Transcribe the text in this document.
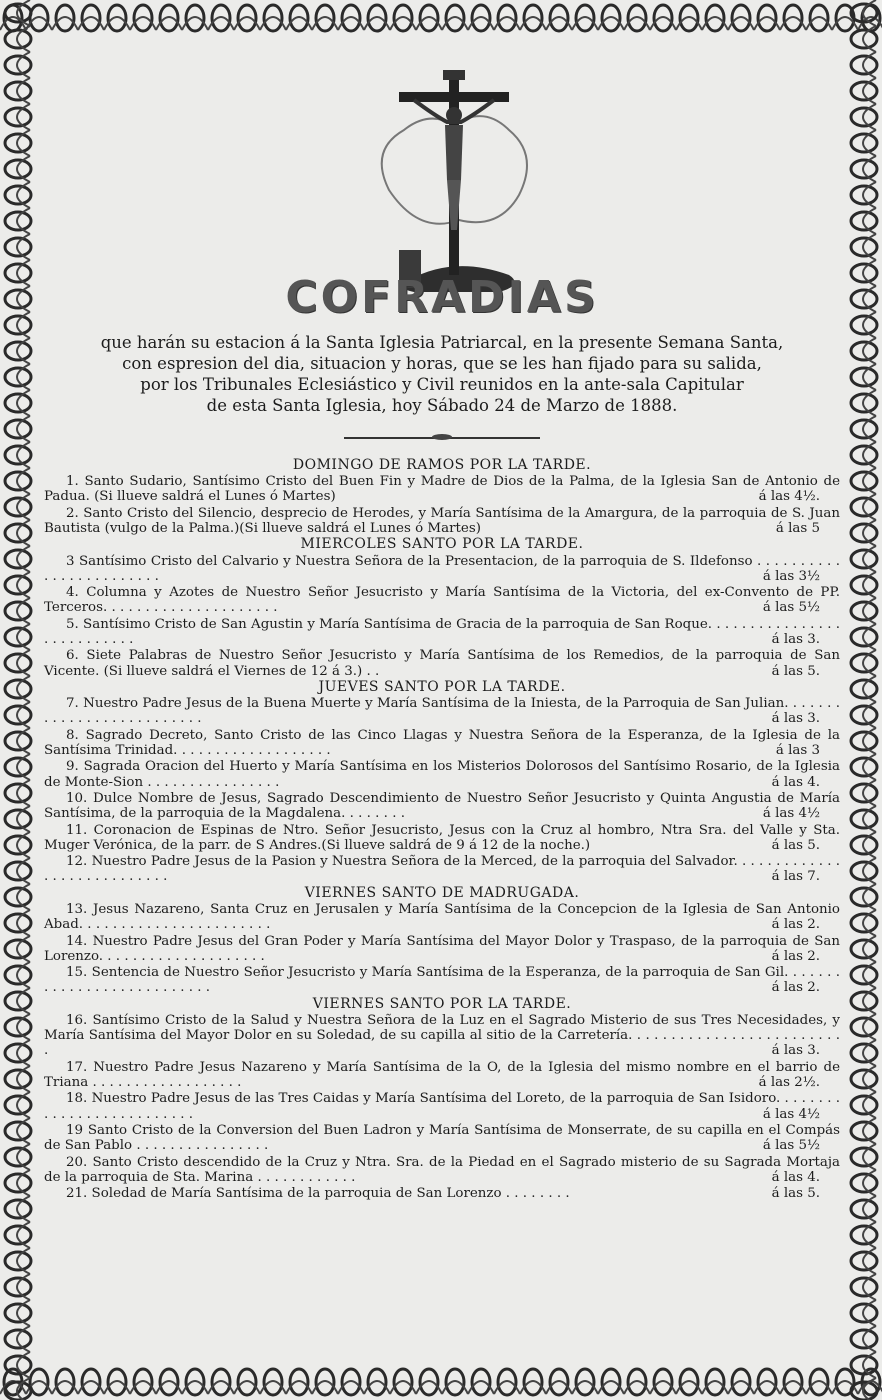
COFRADIAS
que harán su estacion á la Santa Iglesia Patriarcal, en la presente Semana Santa,
con espresion del dia, situacion y horas, que se les han fijado para su salida,
por los Tribunales Eclesiástico y Civil reunidos en la ante-sala Capitular
de esta Santa Iglesia, hoy Sábado 24 de Marzo de 1888.
DOMINGO DE RAMOS POR LA TARDE.
1. Santo Sudario, Santísimo Cristo del Buen Fin y Madre de Dios de la Palma, de la Iglesia San de Antonio de Padua. (Si llueve saldrá el Lunes ó Martes)	á las 4½.
2. Santo Cristo del Silencio, desprecio de Herodes, y María Santísima de la Amargura, de la parroquia de S. Juan Bautista (vulgo de la Palma.)(Si llueve saldrá el Lunes ó Martes)	á las 5
MIERCOLES SANTO POR LA TARDE.
3 Santísimo Cristo del Calvario y Nuestra Señora de la Presentacion, de la parroquia de S. Ildefonso . . . . . . . . . . . . . . . . . . . . . . . .	á las 3½
4. Columna y Azotes de Nuestro Señor Jesucristo y María Santísima de la Victoria, del ex-Convento de PP. Terceros. . . . . . . . . . . . . . . . . . . . .	á las 5½
5. Santísimo Cristo de San Agustin y María Santísima de Gracia de la parroquia de San Roque. . . . . . . . . . . . . . . . . . . . . . . . . . .	á las 3.
6. Siete Palabras de Nuestro Señor Jesucristo y María Santísima de los Remedios, de la parroquia de San Vicente. (Si llueve saldrá el Viernes de 12 á 3.) . .	á las 5.
JUEVES SANTO POR LA TARDE.
7. Nuestro Padre Jesus de la Buena Muerte y María Santísima de la Iniesta, de la Parroquia de San Julian. . . . . . . . . . . . . . . . . . . . . . . . . .	á las 3.
8. Sagrado Decreto, Santo Cristo de las Cinco Llagas y Nuestra Señora de la Esperanza, de la Iglesia de la Santísima Trinidad. . . . . . . . . . . . . . . . . . .	á las 3
9. Sagrada Oracion del Huerto y María Santísima en los Misterios Dolorosos del Santísimo Rosario, de la Iglesia de Monte-Sion . . . . . . . . . . . . . . . .	á las 4.
10. Dulce Nombre de Jesus, Sagrado Descendimiento de Nuestro Señor Jesucristo y Quinta Angustia de María Santísima, de la parroquia de la Magdalena. . . . . . . .	á las 4½
11. Coronacion de Espinas de Ntro. Señor Jesucristo, Jesus con la Cruz al hombro, Ntra Sra. del Valle y Sta. Muger Verónica, de la parr. de S Andres.(Si llueve saldrá de 9 á 12 de la noche.)	á las 5.
12. Nuestro Padre Jesus de la Pasion y Nuestra Señora de la Merced, de la parroquia del Salvador. . . . . . . . . . . . . . . . . . . . . . . . . . . .	á las 7.
VIERNES SANTO DE MADRUGADA.
13. Jesus Nazareno, Santa Cruz en Jerusalen y María Santísima de la Concepcion de la Iglesia de San Antonio Abad. . . . . . . . . . . . . . . . . . . . . . .	á las 2.
14. Nuestro Padre Jesus del Gran Poder y María Santísima del Mayor Dolor y Traspaso, de la parroquia de San Lorenzo. . . . . . . . . . . . . . . . . . . .	á las 2.
15. Sentencia de Nuestro Señor Jesucristo y María Santísima de la Esperanza, de la parroquia de San Gil. . . . . . . . . . . . . . . . . . . . . . . . . . .	á las 2.
VIERNES SANTO POR LA TARDE.
16. Santísimo Cristo de la Salud y Nuestra Señora de la Luz en el Sagrado Misterio de sus Tres Necesidades, y María Santísima del Mayor Dolor en su Soledad, de su capilla al sitio de la Carretería. . . . . . . . . . . . . . . . . . . . . . . . . .	á las 3.
17. Nuestro Padre Jesus Nazareno y María Santísima de la O, de la Iglesia del mismo nombre en el barrio de Triana . . . . . . . . . . . . . . . . . .	á las 2½.
18. Nuestro Padre Jesus de las Tres Caidas y María Santísima del Loreto, de la parroquia de San Isidoro. . . . . . . . . . . . . . . . . . . . . . . . . .	á las 4½
19 Santo Cristo de la Conversion del Buen Ladron y María Santísima de Monserrate, de su capilla en el Compás de San Pablo . . . . . . . . . . . . . . . .	á las 5½
20. Santo Cristo descendido de la Cruz y Ntra. Sra. de la Piedad en el Sagrado misterio de su Sagrada Mortaja de la parroquia de Sta. Marina . . . . . . . . . . . .	á las 4.
21. Soledad de María Santísima de la parroquia de San Lorenzo . . . . . . . .	á las 5.
